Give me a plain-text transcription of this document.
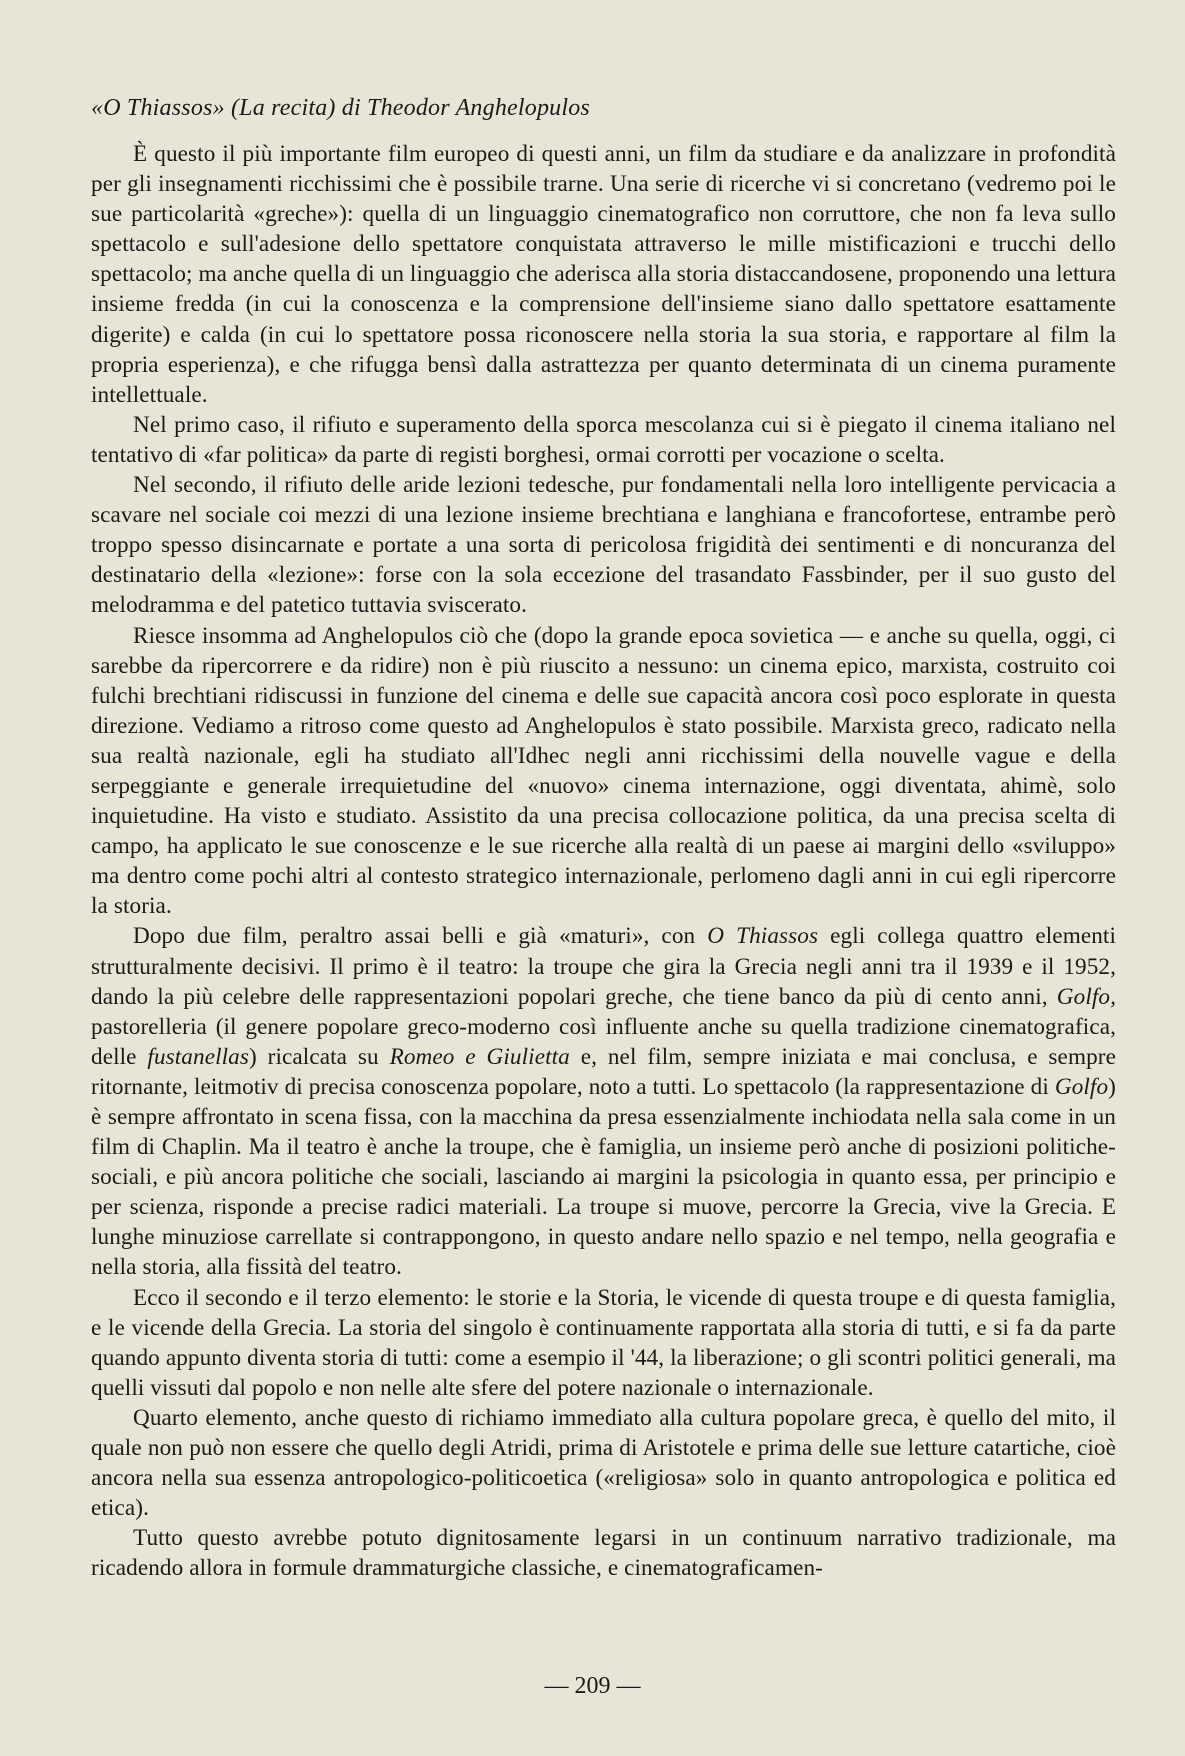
«O Thiassos» (La recita) di Theodor Anghelopulos

È questo il più importante film europeo di questi anni, un film da studiare e da analizzare in profondità per gli insegnamenti ricchissimi che è possibile trarne. Una serie di ricerche vi si concretano (vedremo poi le sue particolarità «greche»): quella di un linguaggio cinematografico non corruttore, che non fa leva sullo spettacolo e sull'adesione dello spettatore conquistata attraverso le mille mistificazioni e trucchi dello spettacolo; ma anche quella di un linguaggio che aderisca alla storia distaccandosene, proponendo una lettura insieme fredda (in cui la conoscenza e la comprensione dell'insieme siano dallo spettatore esattamente digerite) e calda (in cui lo spettatore possa riconoscere nella storia la sua storia, e rapportare al film la propria esperienza), e che rifugga bensì dalla astrattezza per quanto determinata di un cinema puramente intellettuale.

Nel primo caso, il rifiuto e superamento della sporca mescolanza cui si è piegato il cinema italiano nel tentativo di «far politica» da parte di registi borghesi, ormai corrotti per vocazione o scelta.

Nel secondo, il rifiuto delle aride lezioni tedesche, pur fondamentali nella loro intelligente pervicacia a scavare nel sociale coi mezzi di una lezione insieme brechtiana e langhiana e francofortese, entrambe però troppo spesso disincarnate e portate a una sorta di pericolosa frigidità dei sentimenti e di noncuranza del destinatario della «lezione»: forse con la sola eccezione del trasandato Fassbinder, per il suo gusto del melodramma e del patetico tuttavia sviscerato.

Riesce insomma ad Anghelopulos ciò che (dopo la grande epoca sovietica — e anche su quella, oggi, ci sarebbe da ripercorrere e da ridire) non è più riuscito a nessuno: un cinema epico, marxista, costruito coi fulchi brechtiani ridiscussi in funzione del cinema e delle sue capacità ancora così poco esplorate in questa direzione. Vediamo a ritroso come questo ad Anghelopulos è stato possibile. Marxista greco, radicato nella sua realtà nazionale, egli ha studiato all'Idhec negli anni ricchissimi della nouvelle vague e della serpeggiante e generale irrequietudine del «nuovo» cinema internazione, oggi diventata, ahimè, solo inquietudine. Ha visto e studiato. Assistito da una precisa collocazione politica, da una precisa scelta di campo, ha applicato le sue conoscenze e le sue ricerche alla realtà di un paese ai margini dello «sviluppo» ma dentro come pochi altri al contesto strategico internazionale, perlomeno dagli anni in cui egli ripercorre la storia.

Dopo due film, peraltro assai belli e già «maturi», con O Thiassos egli collega quattro elementi strutturalmente decisivi. Il primo è il teatro: la troupe che gira la Grecia negli anni tra il 1939 e il 1952, dando la più celebre delle rappresentazioni popolari greche, che tiene banco da più di cento anni, Golfo, pastorelleria (il genere popolare greco-moderno così influente anche su quella tradizione cinematografica, delle fustanellas) ricalcata su Romeo e Giulietta e, nel film, sempre iniziata e mai conclusa, e sempre ritornante, leitmotiv di precisa conoscenza popolare, noto a tutti. Lo spettacolo (la rappresentazione di Golfo) è sempre affrontato in scena fissa, con la macchina da presa essenzialmente inchiodata nella sala come in un film di Chaplin. Ma il teatro è anche la troupe, che è famiglia, un insieme però anche di posizioni politiche-sociali, e più ancora politiche che sociali, lasciando ai margini la psicologia in quanto essa, per principio e per scienza, risponde a precise radici materiali. La troupe si muove, percorre la Grecia, vive la Grecia. E lunghe minuziose carrellate si contrappongono, in questo andare nello spazio e nel tempo, nella geografia e nella storia, alla fissità del teatro.

Ecco il secondo e il terzo elemento: le storie e la Storia, le vicende di questa troupe e di questa famiglia, e le vicende della Grecia. La storia del singolo è continuamente rapportata alla storia di tutti, e si fa da parte quando appunto diventa storia di tutti: come a esempio il '44, la liberazione; o gli scontri politici generali, ma quelli vissuti dal popolo e non nelle alte sfere del potere nazionale o internazionale.

Quarto elemento, anche questo di richiamo immediato alla cultura popolare greca, è quello del mito, il quale non può non essere che quello degli Atridi, prima di Aristotele e prima delle sue letture catartiche, cioè ancora nella sua essenza antropologico-politicoetica («religiosa» solo in quanto antropologica e politica ed etica).

Tutto questo avrebbe potuto dignitosamente legarsi in un continuum narrativo tradizionale, ma ricadendo allora in formule drammaturgiche classiche, e cinematograficamen-

— 209 —
